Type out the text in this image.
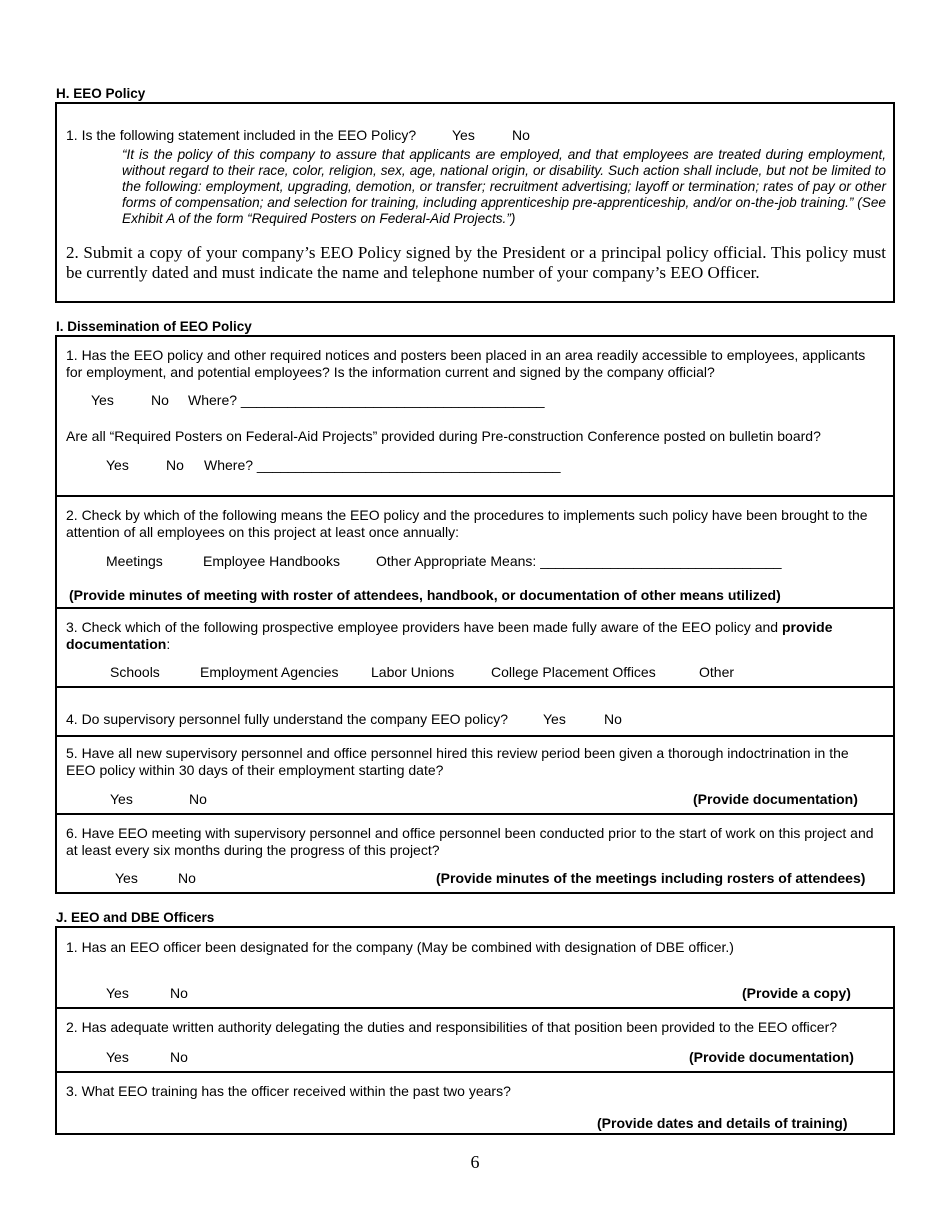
H. EEO Policy
1. Is the following statement included in the EEO Policy?	Yes	No
“It is the policy of this company to assure that applicants are employed, and that employees are treated during employment, without regard to their race, color, religion, sex, age, national origin, or disability. Such action shall include, but not be limited to the following: employment, upgrading, demotion, or transfer; recruitment advertising; layoff or termination; rates of pay or other forms of compensation; and selection for training, including apprenticeship pre-apprenticeship, and/or on-the-job training.” (See Exhibit A of the form “Required Posters on Federal-Aid Projects.”)
2. Submit a copy of your company’s EEO Policy signed by the President or a principal policy official. This policy must be currently dated and must indicate the name and telephone number of your company’s EEO Officer.
I. Dissemination of EEO Policy
1. Has the EEO policy and other required notices and posters been placed in an area readily accessible to employees, applicants for employment, and potential employees? Is the information current and signed by the company official?
Yes	No Where? _______________________________________
Are all “Required Posters on Federal-Aid Projects” provided during Pre-construction Conference posted on bulletin board?
Yes	No Where? _______________________________________
2. Check by which of the following means the EEO policy and the procedures to implements such policy have been brought to the attention of all employees on this project at least once annually:
Meetings	Employee Handbooks	Other Appropriate Means: _______________________________
(Provide minutes of meeting with roster of attendees, handbook, or documentation of other means utilized)
3. Check which of the following prospective employee providers have been made fully aware of the EEO policy and provide documentation:
Schools	Employment Agencies Labor Unions	College Placement Offices	Other
4. Do supervisory personnel fully understand the company EEO policy? Yes	No
5. Have all new supervisory personnel and office personnel hired this review period been given a thorough indoctrination in the EEO policy within 30 days of their employment starting date?
Yes	No	(Provide documentation)
6. Have EEO meeting with supervisory personnel and office personnel been conducted prior to the start of work on this project and at least every six months during the progress of this project?
Yes	No	(Provide minutes of the meetings including rosters of attendees)
J. EEO and DBE Officers
1. Has an EEO officer been designated for the company (May be combined with designation of DBE officer.)
Yes	No	(Provide a copy)
2. Has adequate written authority delegating the duties and responsibilities of that position been provided to the EEO officer?
Yes	No	(Provide documentation)
3. What EEO training has the officer received within the past two years?
(Provide dates and details of training)
6
